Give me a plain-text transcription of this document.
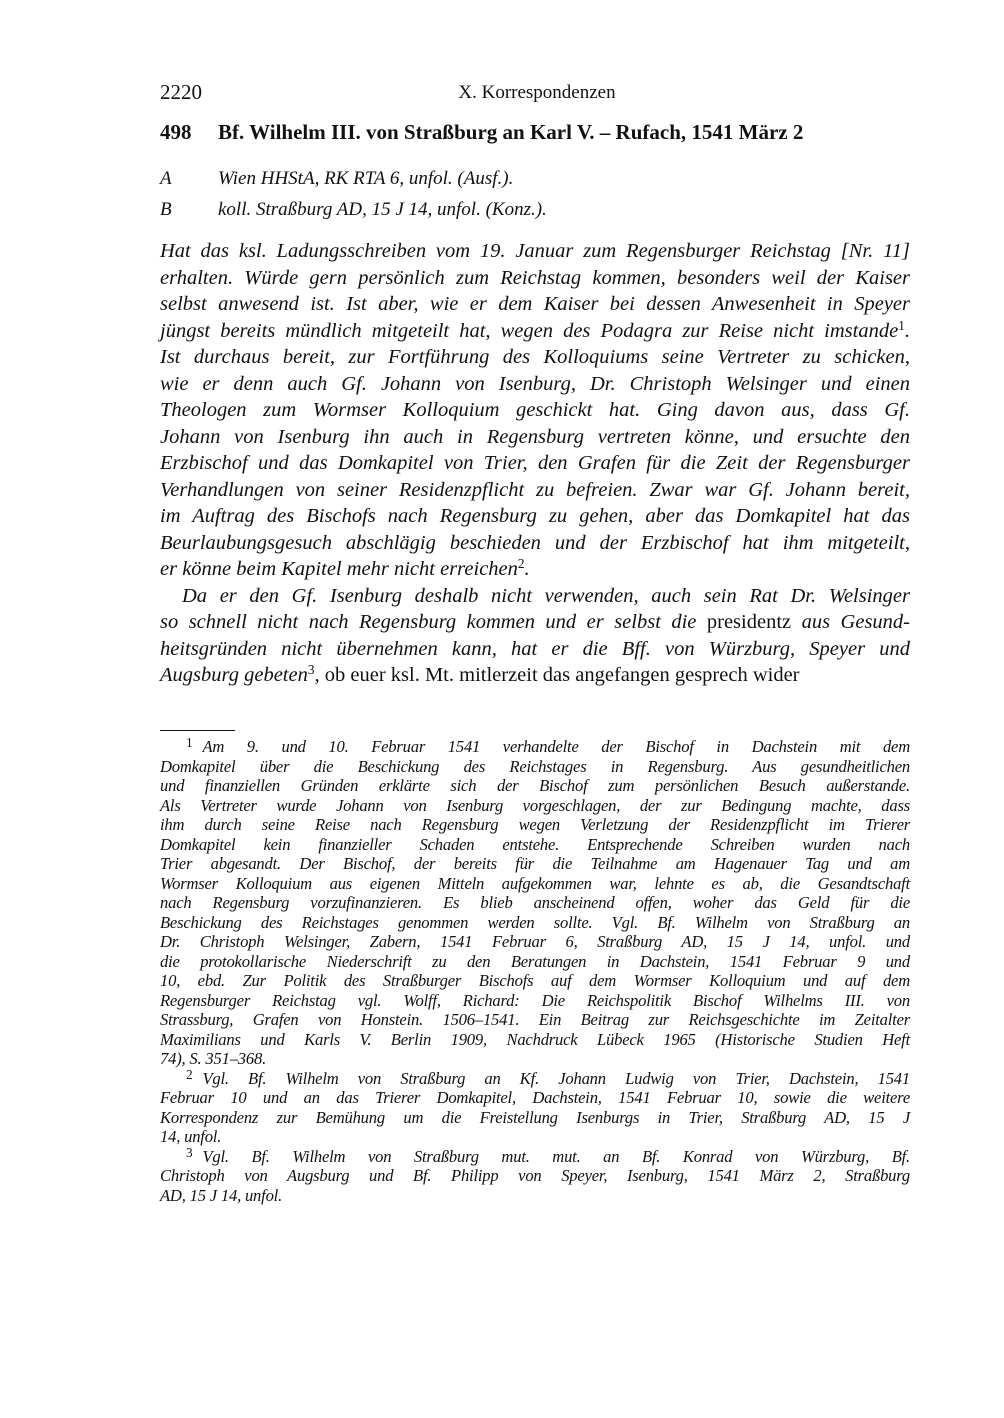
2220	X. Korrespondenzen
498 Bf. Wilhelm III. von Straßburg an Karl V. – Rufach, 1541 März 2
A Wien HHStA, RK RTA 6, unfol. (Ausf.).
B koll. Straßburg AD, 15 J 14, unfol. (Konz.).
Hat das ksl. Ladungsschreiben vom 19. Januar zum Regensburger Reichstag [Nr. 11]
erhalten. Würde gern persönlich zum Reichstag kommen, besonders weil der Kaiser
selbst anwesend ist. Ist aber, wie er dem Kaiser bei dessen Anwesenheit in Speyer
jüngst bereits mündlich mitgeteilt hat, wegen des Podagra zur Reise nicht imstande$^1$.
Ist durchaus bereit, zur Fortführung des Kolloquiums seine Vertreter zu schicken,
wie er denn auch Gf. Johann von Isenburg, Dr. Christoph Welsinger und einen
Theologen zum Wormser Kolloquium geschickt hat. Ging davon aus, dass Gf.
Johann von Isenburg ihn auch in Regensburg vertreten könne, und ersuchte den
Erzbischof und das Domkapitel von Trier, den Grafen für die Zeit der Regensburger
Verhandlungen von seiner Residenzpflicht zu befreien. Zwar war Gf. Johann bereit,
im Auftrag des Bischofs nach Regensburg zu gehen, aber das Domkapitel hat das
Beurlaubungsgesuch abschlägig beschieden und der Erzbischof hat ihm mitgeteilt,
er könne beim Kapitel mehr nicht erreichen$^2$.
Da er den Gf. Isenburg deshalb nicht verwenden, auch sein Rat Dr. Welsinger
so schnell nicht nach Regensburg kommen und er selbst die presidentz aus Gesund-
heitsgründen nicht übernehmen kann, hat er die Bff. von Würzburg, Speyer und
Augsburg gebeten$^3$, ob euer ksl. Mt. mitlerzeit das angefangen gesprech wider
$^1$ Am 9. und 10. Februar 1541 verhandelte der Bischof in Dachstein mit dem
Domkapitel über die Beschickung des Reichstages in Regensburg. Aus gesundheitlichen
und finanziellen Gründen erklärte sich der Bischof zum persönlichen Besuch außerstande.
Als Vertreter wurde Johann von Isenburg vorgeschlagen, der zur Bedingung machte, dass
ihm durch seine Reise nach Regensburg wegen Verletzung der Residenzpflicht im Trierer
Domkapitel kein finanzieller Schaden entstehe. Entsprechende Schreiben wurden nach
Trier abgesandt. Der Bischof, der bereits für die Teilnahme am Hagenauer Tag und am
Wormser Kolloquium aus eigenen Mitteln aufgekommen war, lehnte es ab, die Gesandtschaft
nach Regensburg vorzufinanzieren. Es blieb anscheinend offen, woher das Geld für die
Beschickung des Reichstages genommen werden sollte. Vgl. Bf. Wilhelm von Straßburg an
Dr. Christoph Welsinger, Zabern, 1541 Februar 6, Straßburg AD, 15 J 14, unfol. und
die protokollarische Niederschrift zu den Beratungen in Dachstein, 1541 Februar 9 und
10, ebd. Zur Politik des Straßburger Bischofs auf dem Wormser Kolloquium und auf dem
Regensburger Reichstag vgl. Wolff, Richard: Die Reichspolitik Bischof Wilhelms III. von
Strassburg, Grafen von Honstein. 1506–1541. Ein Beitrag zur Reichsgeschichte im Zeitalter
Maximilians und Karls V. Berlin 1909, Nachdruck Lübeck 1965 (Historische Studien Heft
74), S. 351–368.
$^2$ Vgl. Bf. Wilhelm von Straßburg an Kf. Johann Ludwig von Trier, Dachstein, 1541
Februar 10 und an das Trierer Domkapitel, Dachstein, 1541 Februar 10, sowie die weitere
Korrespondenz zur Bemühung um die Freistellung Isenburgs in Trier, Straßburg AD, 15 J
14, unfol.
$^3$ Vgl. Bf. Wilhelm von Straßburg mut. mut. an Bf. Konrad von Würzburg, Bf.
Christoph von Augsburg und Bf. Philipp von Speyer, Isenburg, 1541 März 2, Straßburg
AD, 15 J 14, unfol.
